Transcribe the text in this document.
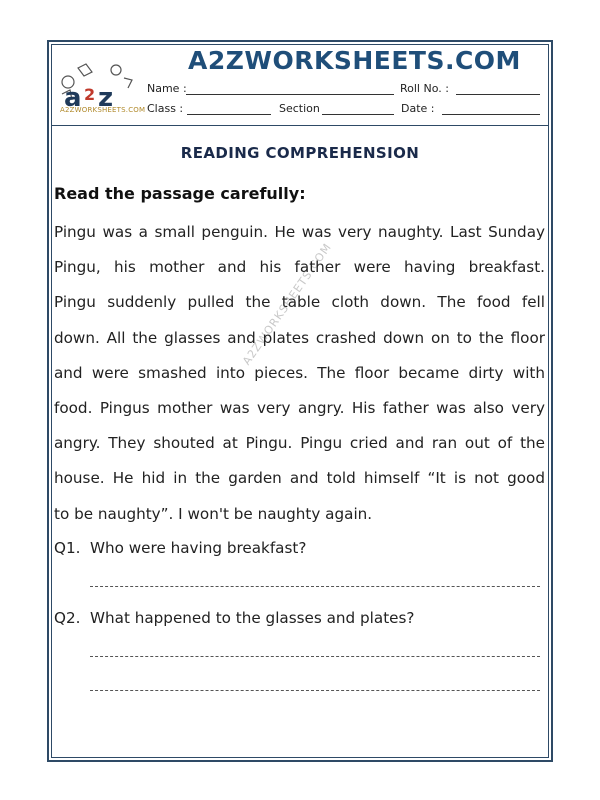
a 2 z
A2ZWORKSHEETS.COM
A2ZWORKSHEETS.COM
Name :	Roll No. :
Class :	Section	Date :
READING COMPREHENSION
Read the passage carefully:
A2ZWORKSHEETS.COM
Pingu was a small penguin. He was very naughty. Last Sunday
Pingu, his mother and his father were having breakfast.
Pingu suddenly pulled the table cloth down. The food fell
down. All the glasses and plates crashed down on to the floor
and were smashed into pieces. The floor became dirty with
food. Pingus mother was very angry. His father was also very
angry. They shouted at Pingu. Pingu cried and ran out of the
house. He hid in the garden and told himself “It is not good
to be naughty”. I won't be naughty again.
Q1. Who were having breakfast?
Q2. What happened to the glasses and plates?
